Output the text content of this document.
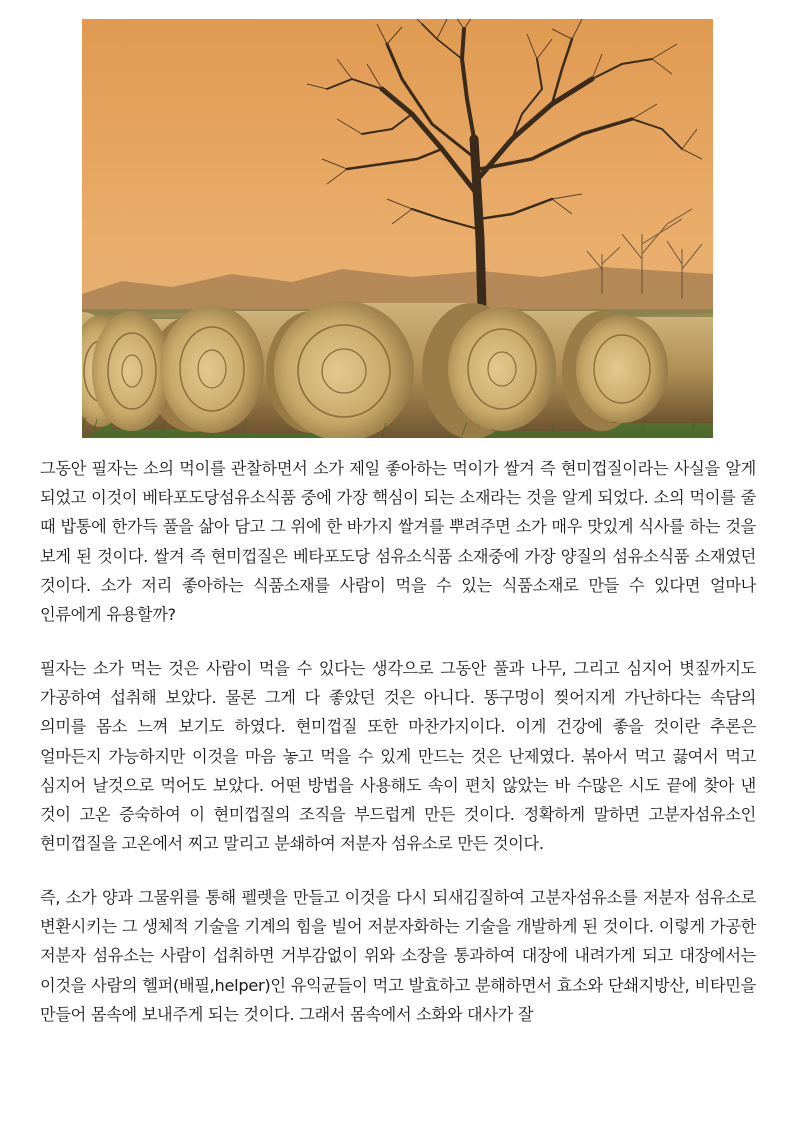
그동안 필자는 소의 먹이를 관찰하면서 소가 제일 좋아하는 먹이가 쌀겨 즉 현미껍질이라는 사실을 알게 되었고 이것이 베타포도당섬유소식품 중에 가장 핵심이 되는 소재라는 것을 알게 되었다. 소의 먹이를 줄 때 밥통에 한가득 풀을 삶아 담고 그 위에 한 바가지 쌀겨를 뿌려주면 소가 매우 맛있게 식사를 하는 것을 보게 된 것이다. 쌀겨 즉 현미껍질은 베타포도당 섬유소식품 소재중에 가장 양질의 섬유소식품 소재였던 것이다. 소가 저리 좋아하는 식품소재를 사람이 먹을 수 있는 식품소재로 만들 수 있다면 얼마나 인류에게 유용할까?
필자는 소가 먹는 것은 사람이 먹을 수 있다는 생각으로 그동안 풀과 나무, 그리고 심지어 볏짚까지도 가공하여 섭취해 보았다. 물론 그게 다 좋았던 것은 아니다. 똥구멍이 찢어지게 가난하다는 속담의 의미를 몸소 느껴 보기도 하였다. 현미껍질 또한 마찬가지이다. 이게 건강에 좋을 것이란 추론은 얼마든지 가능하지만 이것을 마음 놓고 먹을 수 있게 만드는 것은 난제였다. 볶아서 먹고 끓여서 먹고 심지어 날것으로 먹어도 보았다. 어떤 방법을 사용해도 속이 편치 않았는 바 수많은 시도 끝에 찾아 낸 것이 고온 증숙하여 이 현미껍질의 조직을 부드럽게 만든 것이다. 정확하게 말하면 고분자섬유소인 현미껍질을 고온에서 찌고 말리고 분쇄하여 저분자 섬유소로 만든 것이다.
즉, 소가 양과 그물위를 통해 펠렛을 만들고 이것을 다시 되새김질하여 고분자섬유소를 저분자 섬유소로 변환시키는 그 생체적 기술을 기계의 힘을 빌어 저분자화하는 기술을 개발하게 된 것이다. 이렇게 가공한 저분자 섬유소는 사람이 섭취하면 거부감없이 위와 소장을 통과하여 대장에 내려가게 되고 대장에서는 이것을 사람의 헬퍼(배필,helper)인 유익균들이 먹고 발효하고 분해하면서 효소와 단쇄지방산, 비타민을 만들어 몸속에 보내주게 되는 것이다. 그래서 몸속에서 소화와 대사가 잘
